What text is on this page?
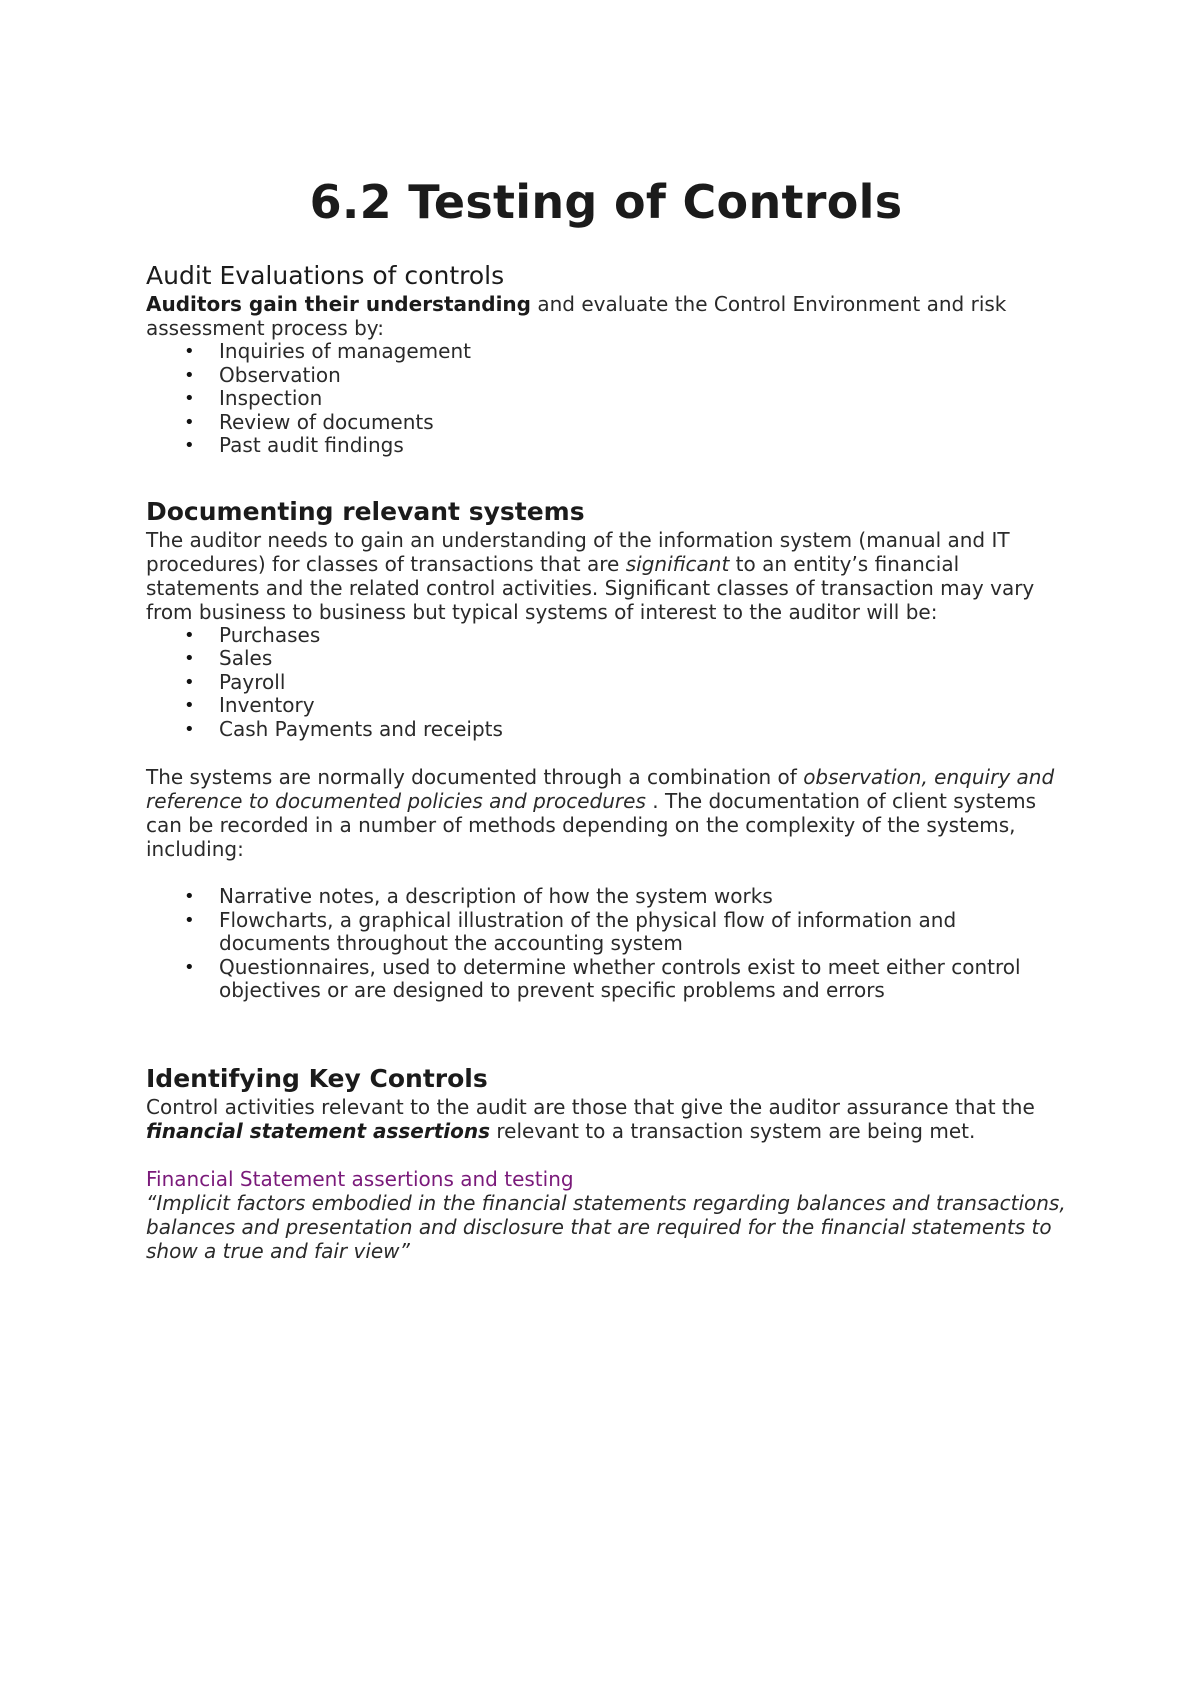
6.2 Testing of Controls
Audit Evaluations of controls

Auditors gain their understanding and evaluate the Control Environment and risk assessment process by:

• Inquiries of management
• Observation
• Inspection
• Review of documents
• Past audit findings
Documenting relevant systems

The auditor needs to gain an understanding of the information system (manual and IT procedures) for classes of transactions that are significant to an entity’s financial statements and the related control activities. Significant classes of transaction may vary from business to business but typical systems of interest to the auditor will be:

• Purchases
• Sales
• Payroll
• Inventory
• Cash Payments and receipts

The systems are normally documented through a combination of observation, enquiry and reference to documented policies and procedures . The documentation of client systems can be recorded in a number of methods depending on the complexity of the systems, including:

• Narrative notes, a description of how the system works
• Flowcharts, a graphical illustration of the physical flow of information and documents throughout the accounting system
• Questionnaires, used to determine whether controls exist to meet either control objectives or are designed to prevent specific problems and errors
Identifying Key Controls

Control activities relevant to the audit are those that give the auditor assurance that the financial statement assertions relevant to a transaction system are being met.

Financial Statement assertions and testing

“Implicit factors embodied in the financial statements regarding balances and transactions, balances and presentation and disclosure that are required for the financial statements to show a true and fair view”
